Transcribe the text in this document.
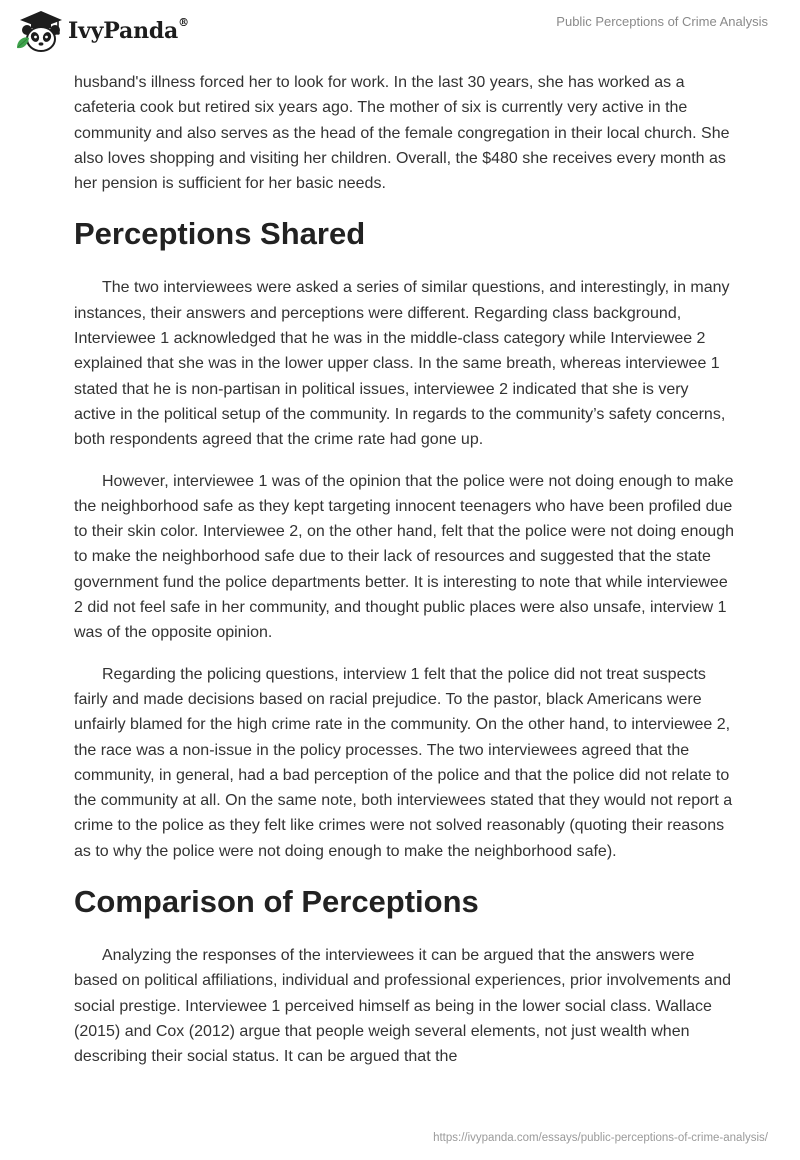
IvyPanda®	Public Perceptions of Crime Analysis

husband's illness forced her to look for work. In the last 30 years, she has worked as a cafeteria cook but retired six years ago. The mother of six is currently very active in the community and also serves as the head of the female congregation in their local church. She also loves shopping and visiting her children. Overall, the $480 she receives every month as her pension is sufficient for her basic needs.

Perceptions Shared

The two interviewees were asked a series of similar questions, and interestingly, in many instances, their answers and perceptions were different. Regarding class background, Interviewee 1 acknowledged that he was in the middle-class category while Interviewee 2 explained that she was in the lower upper class. In the same breath, whereas interviewee 1 stated that he is non-partisan in political issues, interviewee 2 indicated that she is very active in the political setup of the community. In regards to the community’s safety concerns, both respondents agreed that the crime rate had gone up.

However, interviewee 1 was of the opinion that the police were not doing enough to make the neighborhood safe as they kept targeting innocent teenagers who have been profiled due to their skin color. Interviewee 2, on the other hand, felt that the police were not doing enough to make the neighborhood safe due to their lack of resources and suggested that the state government fund the police departments better. It is interesting to note that while interviewee 2 did not feel safe in her community, and thought public places were also unsafe, interview 1 was of the opposite opinion.

Regarding the policing questions, interview 1 felt that the police did not treat suspects fairly and made decisions based on racial prejudice. To the pastor, black Americans were unfairly blamed for the high crime rate in the community. On the other hand, to interviewee 2, the race was a non-issue in the policy processes. The two interviewees agreed that the community, in general, had a bad perception of the police and that the police did not relate to the community at all. On the same note, both interviewees stated that they would not report a crime to the police as they felt like crimes were not solved reasonably (quoting their reasons as to why the police were not doing enough to make the neighborhood safe).

Comparison of Perceptions

Analyzing the responses of the interviewees it can be argued that the answers were based on political affiliations, individual and professional experiences, prior involvements and social prestige. Interviewee 1 perceived himself as being in the lower social class. Wallace (2015) and Cox (2012) argue that people weigh several elements, not just wealth when describing their social status. It can be argued that the

https://ivypanda.com/essays/public-perceptions-of-crime-analysis/
